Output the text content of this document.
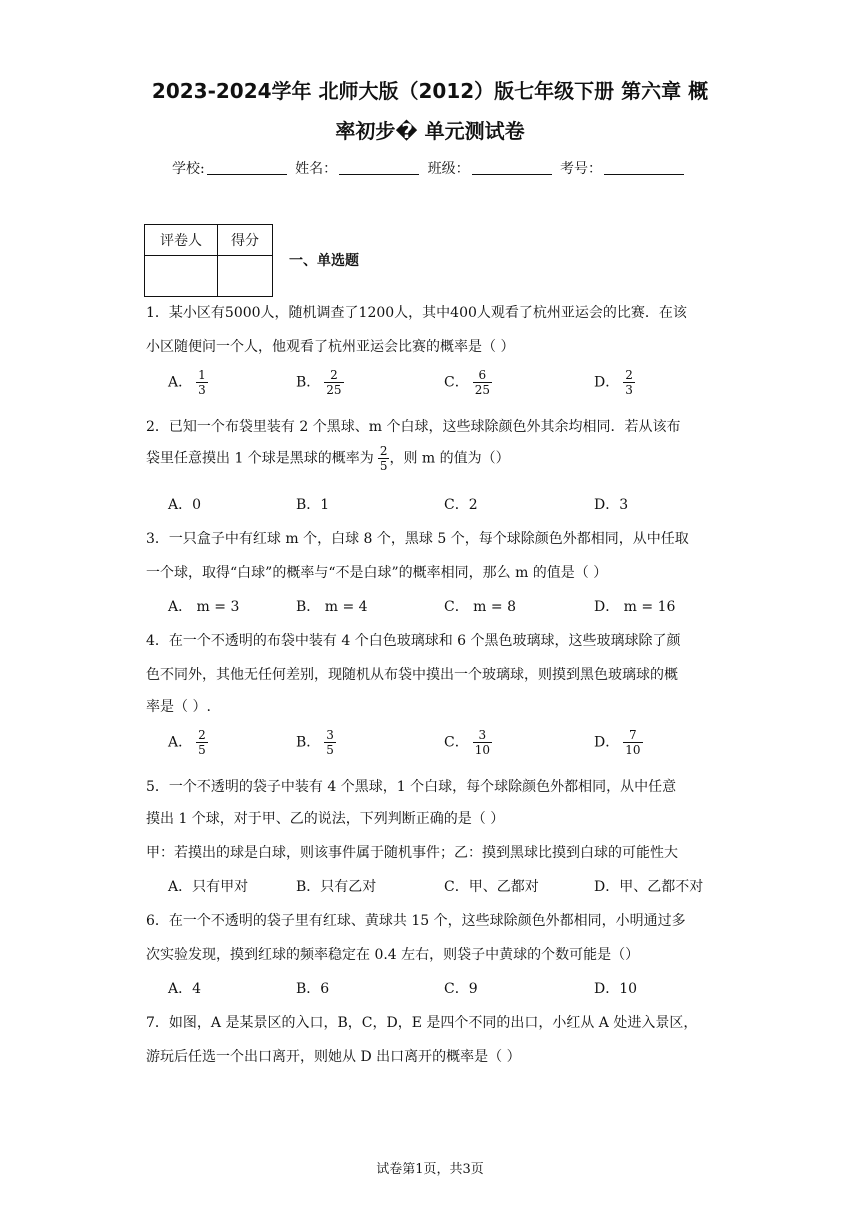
2023-2024学年 北师大版（2012）版七年级下册 第六章 概
率初步� 单元测试卷
学校:	姓名：	班级：	考号：
评卷人	得分

一、单选题
1．某小区有5000人，随机调查了1200人，其中400人观看了杭州亚运会的比赛．在该
小区随便问一个人，他观看了杭州亚运会比赛的概率是（ ）
A． $\frac{1}{3}$	B． $\frac{2}{25}$	C． $\frac{6}{25}$	D． $\frac{2}{3}$
2．已知一个布袋里装有 2 个黑球、m 个白球，这些球除颜色外其余均相同．若从该布
袋里任意摸出 1 个球是黑球的概率为 $\frac{2}{5}$ ，则 m 的值为（）
A．0	B．1	C．2	D．3
3．一只盒子中有红球 m 个，白球 8 个，黑球 5 个，每个球除颜色外都相同，从中任取
一个球，取得“白球”的概率与“不是白球”的概率相同，那么 m 的值是（ ）
A． m = 3	B． m = 4	C． m = 8	D． m = 16
4．在一个不透明的布袋中装有 4 个白色玻璃球和 6 个黑色玻璃球，这些玻璃球除了颜
色不同外，其他无任何差别，现随机从布袋中摸出一个玻璃球，则摸到黑色玻璃球的概
率是（ ）.
A． $\frac{2}{5}$	B． $\frac{3}{5}$	C． $\frac{3}{10}$	D． $\frac{7}{10}$
5．一个不透明的袋子中装有 4 个黑球，1 个白球，每个球除颜色外都相同，从中任意
摸出 1 个球，对于甲、乙的说法，下列判断正确的是（ ）
甲：若摸出的球是白球，则该事件属于随机事件；乙：摸到黑球比摸到白球的可能性大
A．只有甲对	B．只有乙对	C．甲、乙都对	D．甲、乙都不对
6．在一个不透明的袋子里有红球、黄球共 15 个，这些球除颜色外都相同，小明通过多
次实验发现，摸到红球的频率稳定在 0.4 左右，则袋子中黄球的个数可能是（）
A．4	B．6	C．9	D．10
7．如图，A 是某景区的入口，B，C，D，E 是四个不同的出口，小红从 A 处进入景区，
游玩后任选一个出口离开，则她从 D 出口离开的概率是（ ）
试卷第1页，共3页
